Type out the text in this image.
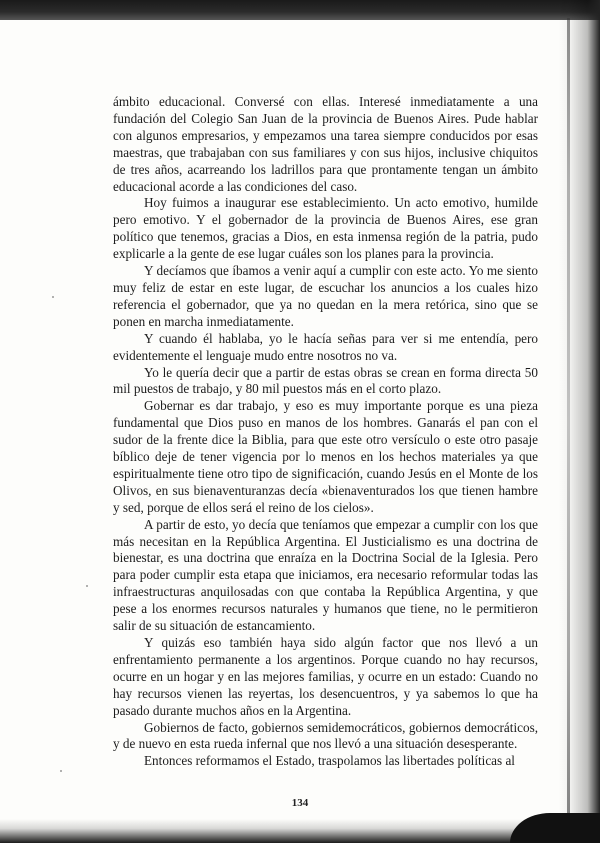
ámbito educacional. Conversé con ellas. Interesé inmediatamente a una fundación del Colegio San Juan de la provincia de Buenos Aires. Pude hablar con algunos empresarios, y empezamos una tarea siempre conducidos por esas maestras, que trabajaban con sus familiares y con sus hijos, inclusive chiquitos de tres años, acarreando los ladrillos para que prontamente tengan un ámbito educacional acorde a las condiciones del caso.

Hoy fuimos a inaugurar ese establecimiento. Un acto emotivo, humilde pero emotivo. Y el gobernador de la provincia de Buenos Aires, ese gran político que tenemos, gracias a Dios, en esta inmensa región de la patria, pudo explicarle a la gente de ese lugar cuáles son los planes para la provincia.

Y decíamos que íbamos a venir aquí a cumplir con este acto. Yo me siento muy feliz de estar en este lugar, de escuchar los anuncios a los cuales hizo referencia el gobernador, que ya no quedan en la mera retórica, sino que se ponen en marcha inmediatamente.

Y cuando él hablaba, yo le hacía señas para ver si me entendía, pero evidentemente el lenguaje mudo entre nosotros no va.

Yo le quería decir que a partir de estas obras se crean en forma directa 50 mil puestos de trabajo, y 80 mil puestos más en el corto plazo.

Gobernar es dar trabajo, y eso es muy importante porque es una pieza fundamental que Dios puso en manos de los hombres. Ganarás el pan con el sudor de la frente dice la Biblia, para que este otro versículo o este otro pasaje bíblico deje de tener vigencia por lo menos en los hechos materiales ya que espiritualmente tiene otro tipo de significación, cuando Jesús en el Monte de los Olivos, en sus bienaventuranzas decía «bienaventurados los que tienen hambre y sed, porque de ellos será el reino de los cielos».

A partir de esto, yo decía que teníamos que empezar a cumplir con los que más necesitan en la República Argentina. El Justicialismo es una doctrina de bienestar, es una doctrina que enraíza en la Doctrina Social de la Iglesia. Pero para poder cumplir esta etapa que iniciamos, era necesario reformular todas las infraestructuras anquilosadas con que contaba la República Argentina, y que pese a los enormes recursos naturales y humanos que tiene, no le permitieron salir de su situación de estancamiento.

Y quizás eso también haya sido algún factor que nos llevó a un enfrentamiento permanente a los argentinos. Porque cuando no hay recursos, ocurre en un hogar y en las mejores familias, y ocurre en un estado: Cuando no hay recursos vienen las reyertas, los desencuentros, y ya sabemos lo que ha pasado durante muchos años en la Argentina.

Gobiernos de facto, gobiernos semidemocráticos, gobiernos democráticos, y de nuevo en esta rueda infernal que nos llevó a una situación desesperante.

Entonces reformamos el Estado, traspolamos las libertades políticas al

134
